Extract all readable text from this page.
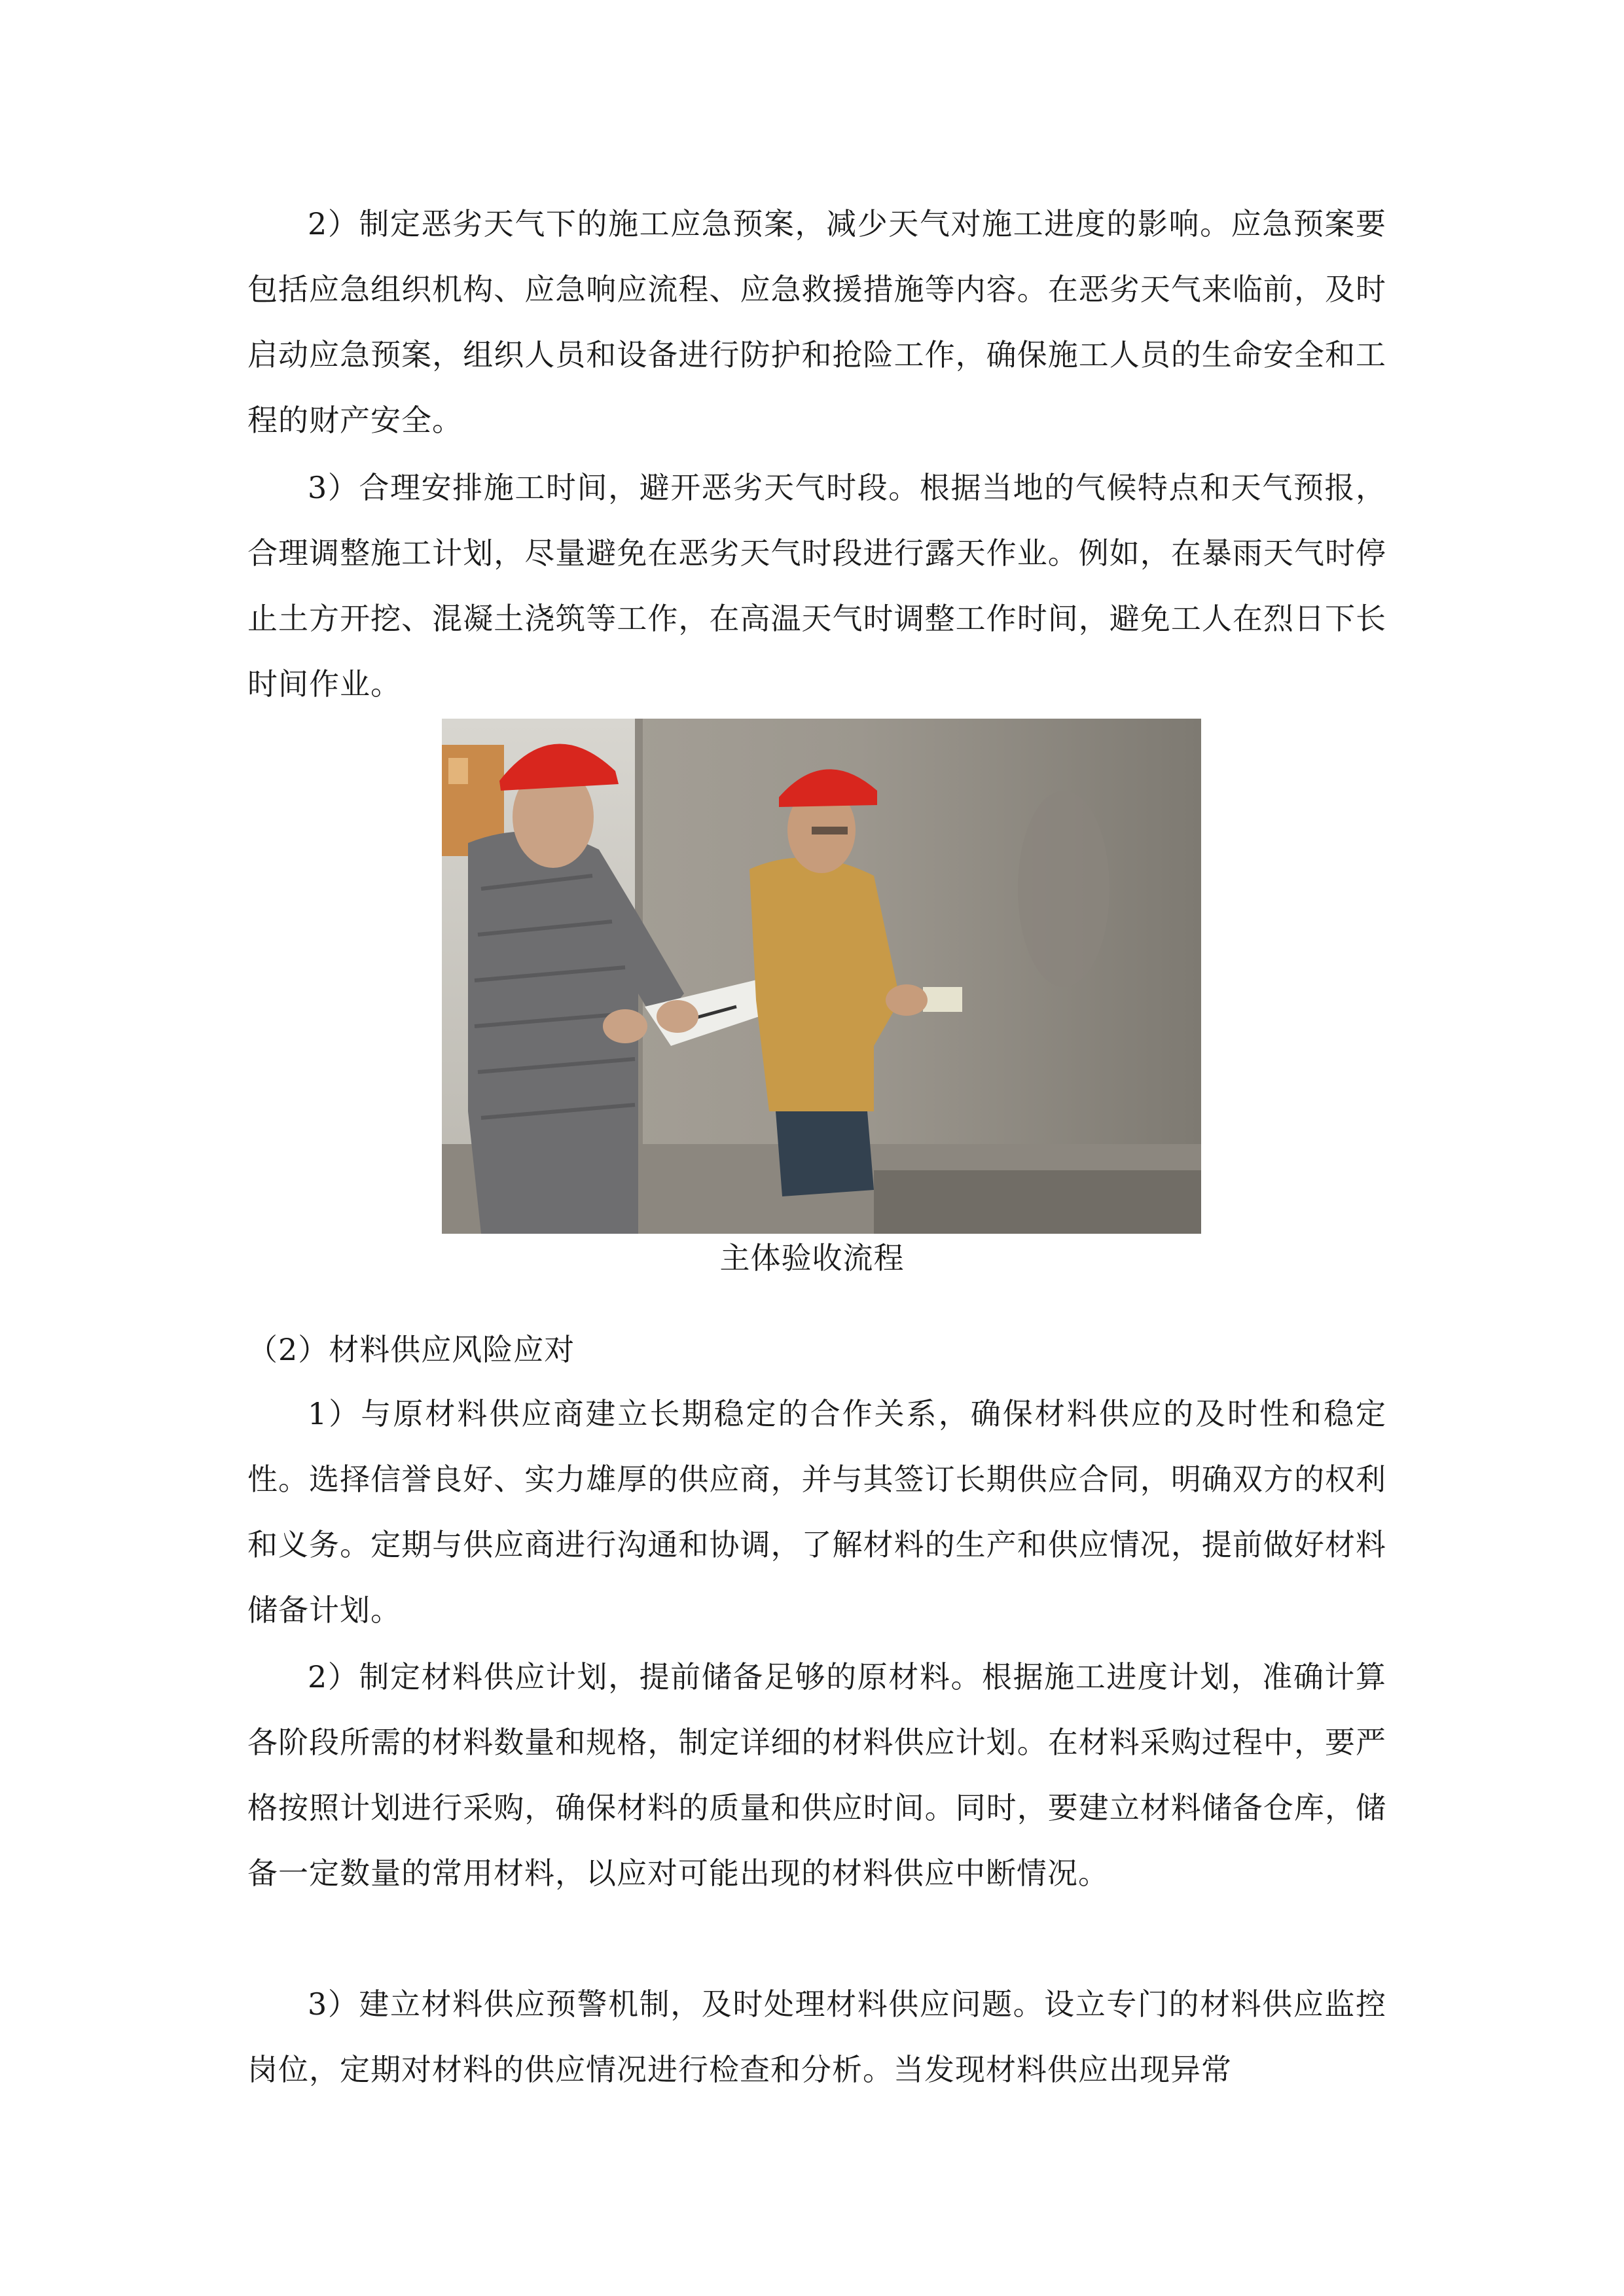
2）制定恶劣天气下的施工应急预案，减少天气对施工进度的影响。应急预案要包括应急组织机构、应急响应流程、应急救援措施等内容。在恶劣天气来临前，及时启动应急预案，组织人员和设备进行防护和抢险工作，确保施工人员的生命安全和工程的财产安全。

3）合理安排施工时间，避开恶劣天气时段。根据当地的气候特点和天气预报，合理调整施工计划，尽量避免在恶劣天气时段进行露天作业。例如，在暴雨天气时停止土方开挖、混凝土浇筑等工作，在高温天气时调整工作时间，避免工人在烈日下长时间作业。

主体验收流程

（2）材料供应风险应对

1）与原材料供应商建立长期稳定的合作关系，确保材料供应的及时性和稳定性。选择信誉良好、实力雄厚的供应商，并与其签订长期供应合同，明确双方的权利和义务。定期与供应商进行沟通和协调，了解材料的生产和供应情况，提前做好材料储备计划。

2）制定材料供应计划，提前储备足够的原材料。根据施工进度计划，准确计算各阶段所需的材料数量和规格，制定详细的材料供应计划。在材料采购过程中，要严格按照计划进行采购，确保材料的质量和供应时间。同时，要建立材料储备仓库，储备一定数量的常用材料，以应对可能出现的材料供应中断情况。

3）建立材料供应预警机制，及时处理材料供应问题。设立专门的材料供应监控岗位，定期对材料的供应情况进行检查和分析。当发现材料供应出现异常
